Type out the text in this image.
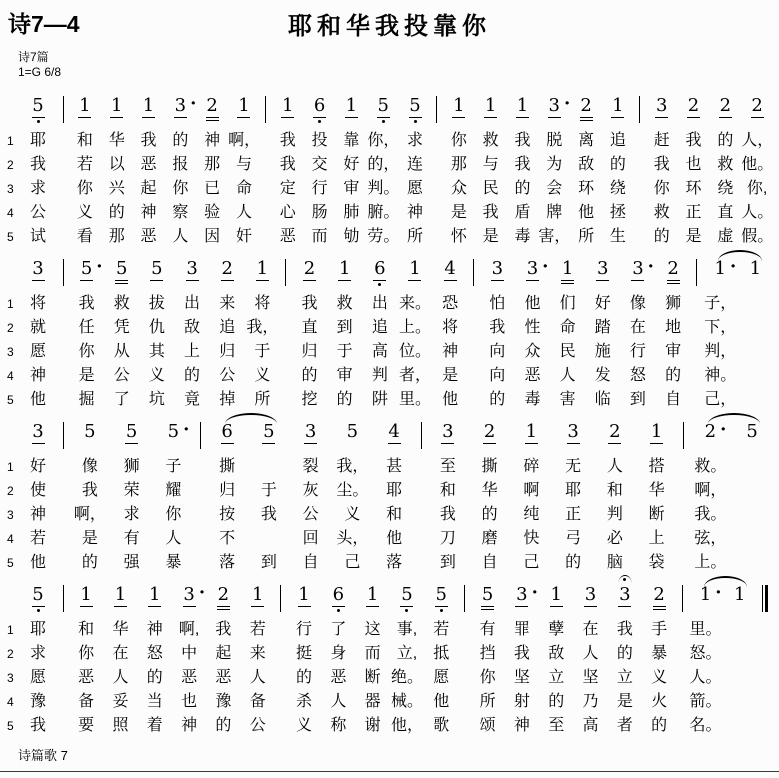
诗7—4	耶和华我投靠你
诗7篇
1=G 6/8
1
2
3
4
5
5
耶
我
求
公
试
1
和
若
你
义
看
1
华
以
兴
的
那
1
我
恶
起
神
恶
3 ·
的
报
你
察
人
2
神
那
已
验
因
1
啊，
与
命
人
奸
1
我
我
定
心
恶
6
投
交
行
肠
而
1
靠
好
审
肺
劬
5
你，
的，
判。
腑。
劳。
5
求
连
愿
神
所
1
你
那
众
是
怀
1
救
与
民
我
是
1
我
我
的
盾
毒
3 ·
脱
为
会
牌
害，
2
离
敌
环
他
所
1
追
的
绕
拯
生
3
赶
我
你
救
的
2
我
也
环
正
是
2
的
救
绕
直
虚
2
人，
他。
你,
人。
假。
1
2
3
4
5
3
将
就
愿
神
他
5 ·
我
任
你
是
掘
5
救
凭
从
公
了
5
拔
仇
其
义
坑
3
出
敌
上
的
竟
2
来
追
归
公
掉
1
将
我，
于
义
所
2
我
直
归
的
挖
1
救
到
于
审
的
6
出
追
高
判
阱
1
来。
上。
位。
者，
里。
4
恐
将
神
是
他
3
怕
我
向
向
的
3 ·
他
性
众
恶
毒
1
们
命
民
人
害
3
好
踏
施
发
临
3 ·
像
在
行
怒
到
2
狮
地
审
的
自
1 ·
子，
下，
判，
神。
己，
1
1
2
3
4
5
3
好
使
神
若
他
5
像
我
啊，
是
的
5
狮
荣
求
有
强
5 ·
子
耀
你
人
暴
6
撕
归
按
不
落
5
于
我
到
3
裂
灰
公
回
自
5
我，
尘。
义
头，
己
4
甚
耶
和
他
落
3
至
和
我
刀
到
2
撕
华
的
磨
自
1
碎
啊
纯
快
己
3
无
耶
正
弓
的
2
人
和
判
必
脑
1
搭
华
断
上
袋
2 ·
救。
啊，
我。
弦，
上。
5
1
2
3
4
5
5
耶
求
愿
豫
我
1
和
你
恶
备
要
1
华
在
人
妥
照
1
神
怒
的
当
着
3 ·
啊,
中
恶
也
神
2
我
起
恶
豫
的
1
若
来
人
备
公
1
行
挺
的
杀
义
6
了
身
恶
人
称
1
这
而
断
器
谢
5
事,
立,
绝。
械。
他，
5
若
抵
愿
他
歌
5
有
挡
你
所
颂
3 ·
罪
我
坚
射
神
1
孽
敌
立
的
至
3
在
人
坚
乃
高
3
我
的
立
是
者
2
手
暴
义
火
的
1 ·
里。
怒。
人。
箭。
名。
1
诗篇歌 7
